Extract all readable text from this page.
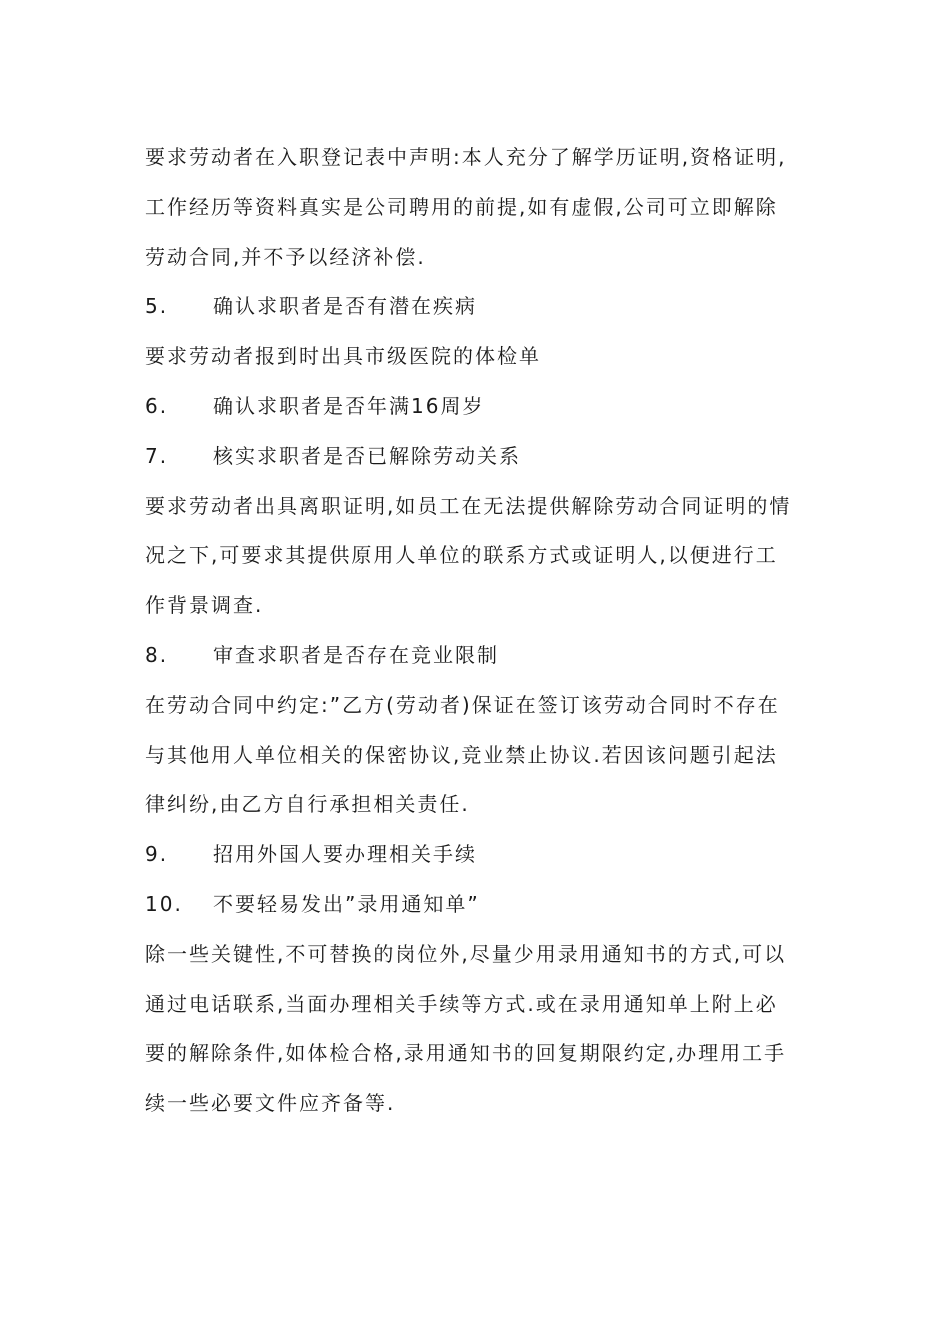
要求劳动者在入职登记表中声明:本人充分了解学历证明,资格证明,
工作经历等资料真实是公司聘用的前提,如有虚假,公司可立即解除
劳动合同,并不予以经济补偿.
5. 确认求职者是否有潜在疾病
要求劳动者报到时出具市级医院的体检单
6. 确认求职者是否年满16周岁
7. 核实求职者是否已解除劳动关系
要求劳动者出具离职证明,如员工在无法提供解除劳动合同证明的情
况之下,可要求其提供原用人单位的联系方式或证明人,以便进行工
作背景调查.
8. 审查求职者是否存在竞业限制
在劳动合同中约定:”乙方(劳动者)保证在签订该劳动合同时不存在
与其他用人单位相关的保密协议,竞业禁止协议.若因该问题引起法
律纠纷,由乙方自行承担相关责任.
9. 招用外国人要办理相关手续
10. 不要轻易发出”录用通知单”
除一些关键性,不可替换的岗位外,尽量少用录用通知书的方式,可以
通过电话联系,当面办理相关手续等方式.或在录用通知单上附上必
要的解除条件,如体检合格,录用通知书的回复期限约定,办理用工手
续一些必要文件应齐备等.
